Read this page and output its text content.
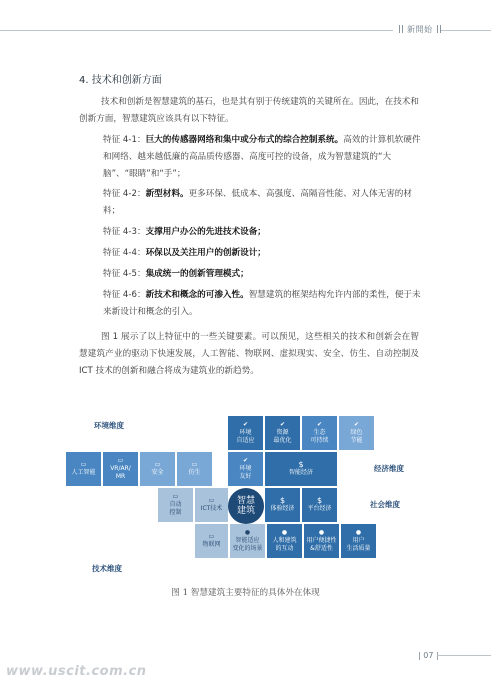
新開始
4. 技术和创新方面
技术和创新是智慧建筑的基石，也是其有别于传统建筑的关键所在。因此，在技术和创新方面，智慧建筑应该具有以下特征。
特征 4-1：巨大的传感器网络和集中或分布式的综合控制系统。高效的计算机软硬件和网络、越来越低廉的高品质传感器、高度可控的设备，成为智慧建筑的“大脑”、“眼睛”和“手”；
特征 4-2：新型材料。更多环保、低成本、高强度、高隔音性能、对人体无害的材料；
特征 4-3：支撑用户办公的先进技术设备；
特征 4-4：环保以及关注用户的创新设计；
特征 4-5：集成统一的创新管理模式；
特征 4-6：新技术和概念的可渗入性。智慧建筑的框架结构允许内部的柔性，便于未来新设计和概念的引入。
图 1 展示了以上特征中的一些关键要素。可以预见，这些相关的技术和创新会在智慧建筑产业的驱动下快速发展，人工智能、物联网、虚拟现实、安全、仿生、自动控制及 ICT 技术的创新和融合将成为建筑业的新趋势。
环境维度
经济维度
社会维度
技术维度
✔
环境
自适应
✔
资源
最优化
✔
生态
可持续
✔
绿色
节能
▭
人工智能
▭
VR/AR/
MR
▭
安全
▭
仿生
✔
环境
友好
$
智能经济
▭
自动
控制
▭
ICT技术
智慧
建筑
$
体验经济
$
平台经济
▭
物联网
●
智能适应
变化的场景
●
人和建筑
的互动
●
用户便捷性
&舒适性
●
用户
生活质量
图 1 智慧建筑主要特征的具体外在体现
| 07 |
www.uscit.com.cn
